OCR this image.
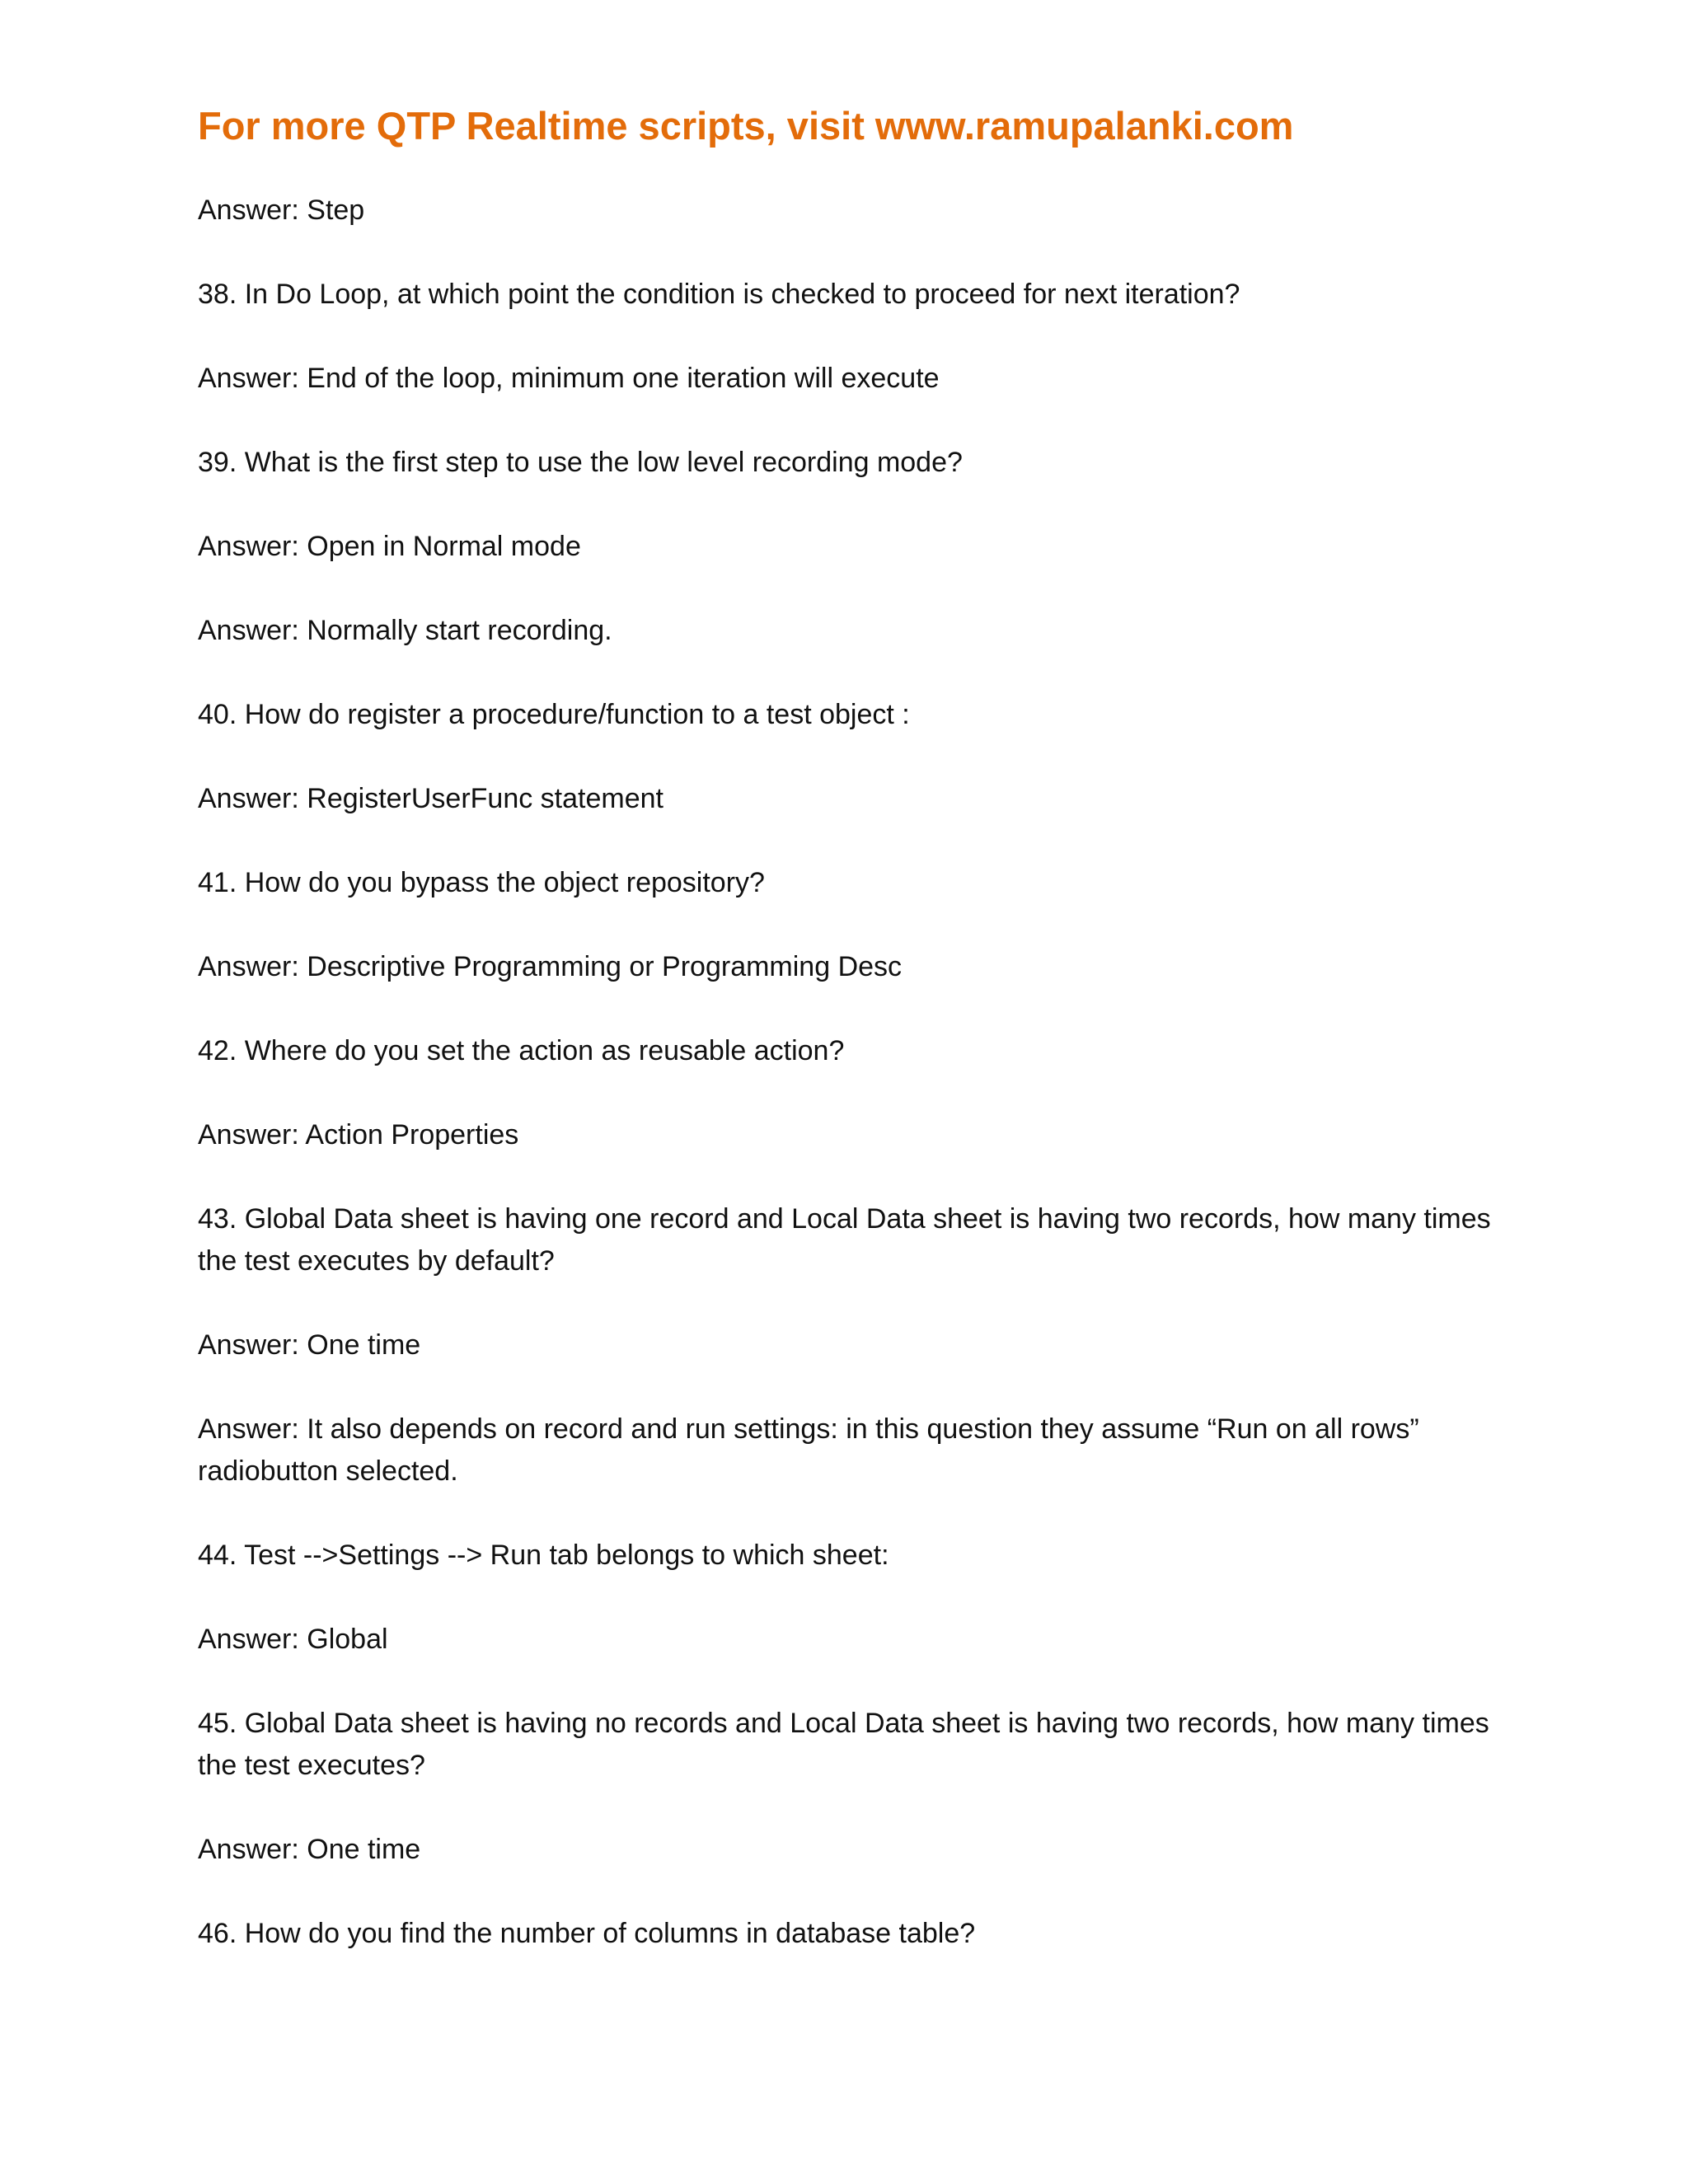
For more QTP Realtime scripts, visit www.ramupalanki.com
Answer: Step
38. In Do Loop, at which point the condition is checked to proceed for next iteration?
Answer: End of the loop, minimum one iteration will execute
39. What is the first step to use the low level recording mode?
Answer: Open in Normal mode
Answer: Normally start recording.
40. How do register a procedure/function to a test object :
Answer: RegisterUserFunc statement
41. How do you bypass the object repository?
Answer: Descriptive Programming or Programming Desc
42. Where do you set the action as reusable action?
Answer: Action Properties
43. Global Data sheet is having one record and Local Data sheet is having two records, how many times
the test executes by default?
Answer: One time
Answer: It also depends on record and run settings: in this question they assume “Run on all rows”
radiobutton selected.
44. Test -->Settings --> Run tab belongs to which sheet:
Answer: Global
45. Global Data sheet is having no records and Local Data sheet is having two records, how many times
the test executes?
Answer: One time
46. How do you find the number of columns in database table?
